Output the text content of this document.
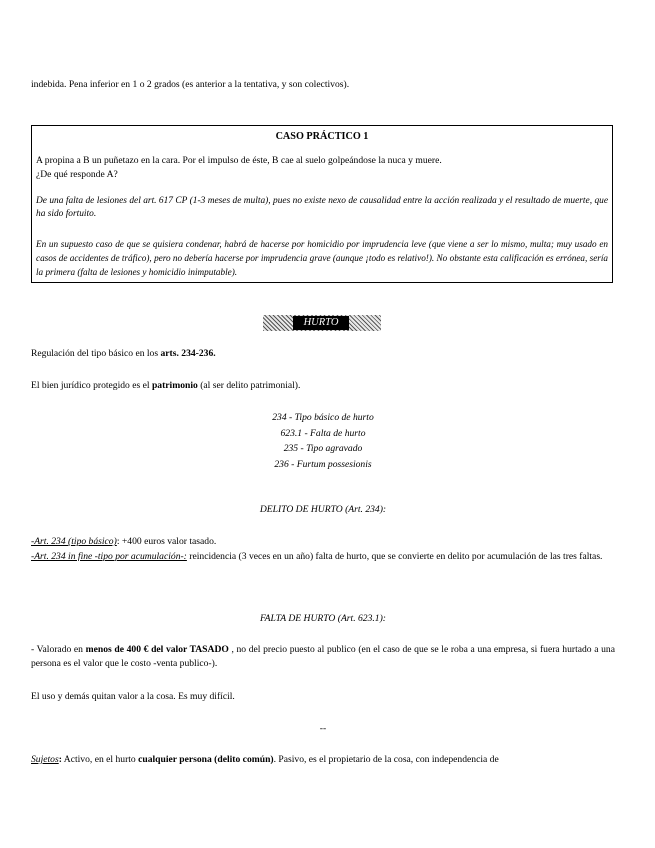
indebida. Pena inferior en 1 o 2 grados (es anterior a la tentativa, y son colectivos).

CASO PRÁCTICO 1

A propina a B un puñetazo en la cara. Por el impulso de éste, B cae al suelo golpeándose la nuca y muere.

¿De qué responde A?

De una falta de lesiones del art. 617 CP (1-3 meses de multa), pues no existe nexo de causalidad entre la acción realizada y el resultado de muerte, que ha sido fortuito.

En un supuesto caso de que se quisiera condenar, habrá de hacerse por homicidio por imprudencia leve (que viene a ser lo mismo, multa; muy usado en casos de accidentes de tráfico), pero no debería hacerse por imprudencia grave (aunque ¡todo es relativo!). No obstante esta calificación es errónea, sería la primera (falta de lesiones y homicidio inimputable).

HURTO

Regulación del tipo básico en los arts. 234-236.

El bien jurídico protegido es el patrimonio (al ser delito patrimonial).

234 - Tipo básico de hurto

623.1 - Falta de hurto

235 - Tipo agravado

236 - Furtum possesionis

DELITO DE HURTO (Art. 234):

-Art. 234 (tipo básico): +400 euros valor tasado.

-Art. 234 in fine -tipo por acumulación-: reincidencia (3 veces en un año) falta de hurto, que se convierte en delito por acumulación de las tres faltas.

FALTA DE HURTO (Art. 623.1):

- Valorado en menos de 400 € del valor TASADO , no del precio puesto al publico (en el caso de que se le roba a una empresa, si fuera hurtado a una persona es el valor que le costo -venta publico-).

El uso y demás quitan valor a la cosa. Es muy difícil.

--

Sujetos: Activo, en el hurto cualquier persona (delito común). Pasivo, es el propietario de la cosa, con independencia de
